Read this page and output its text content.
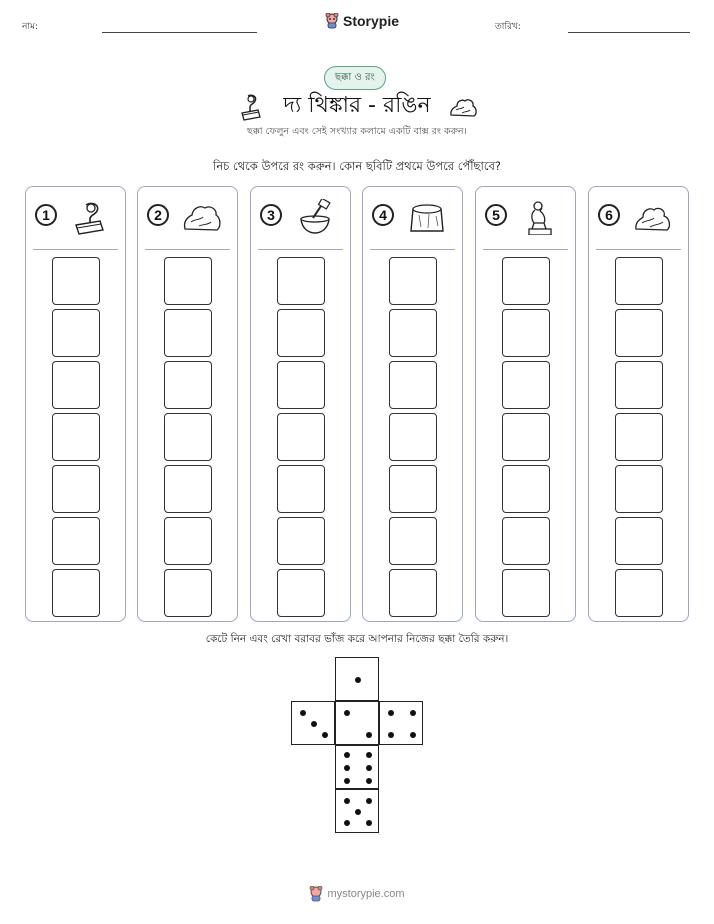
নাম:	Storypie	তারিখ:
ছক্কা ও রং
দ্য থিঙ্কার - রঙিন
ছক্কা ফেলুন এবং সেই সংখ্যার কলামে একটি বাক্স রং করুন।
নিচ থেকে উপরে রং করুন। কোন ছবিটি প্রথমে উপরে পৌঁছাবে?
1	2	3	4	5	6
কেটে নিন এবং রেখা বরাবর ভাঁজ করে আপনার নিজের ছক্কা তৈরি করুন।
mystorypie.com
